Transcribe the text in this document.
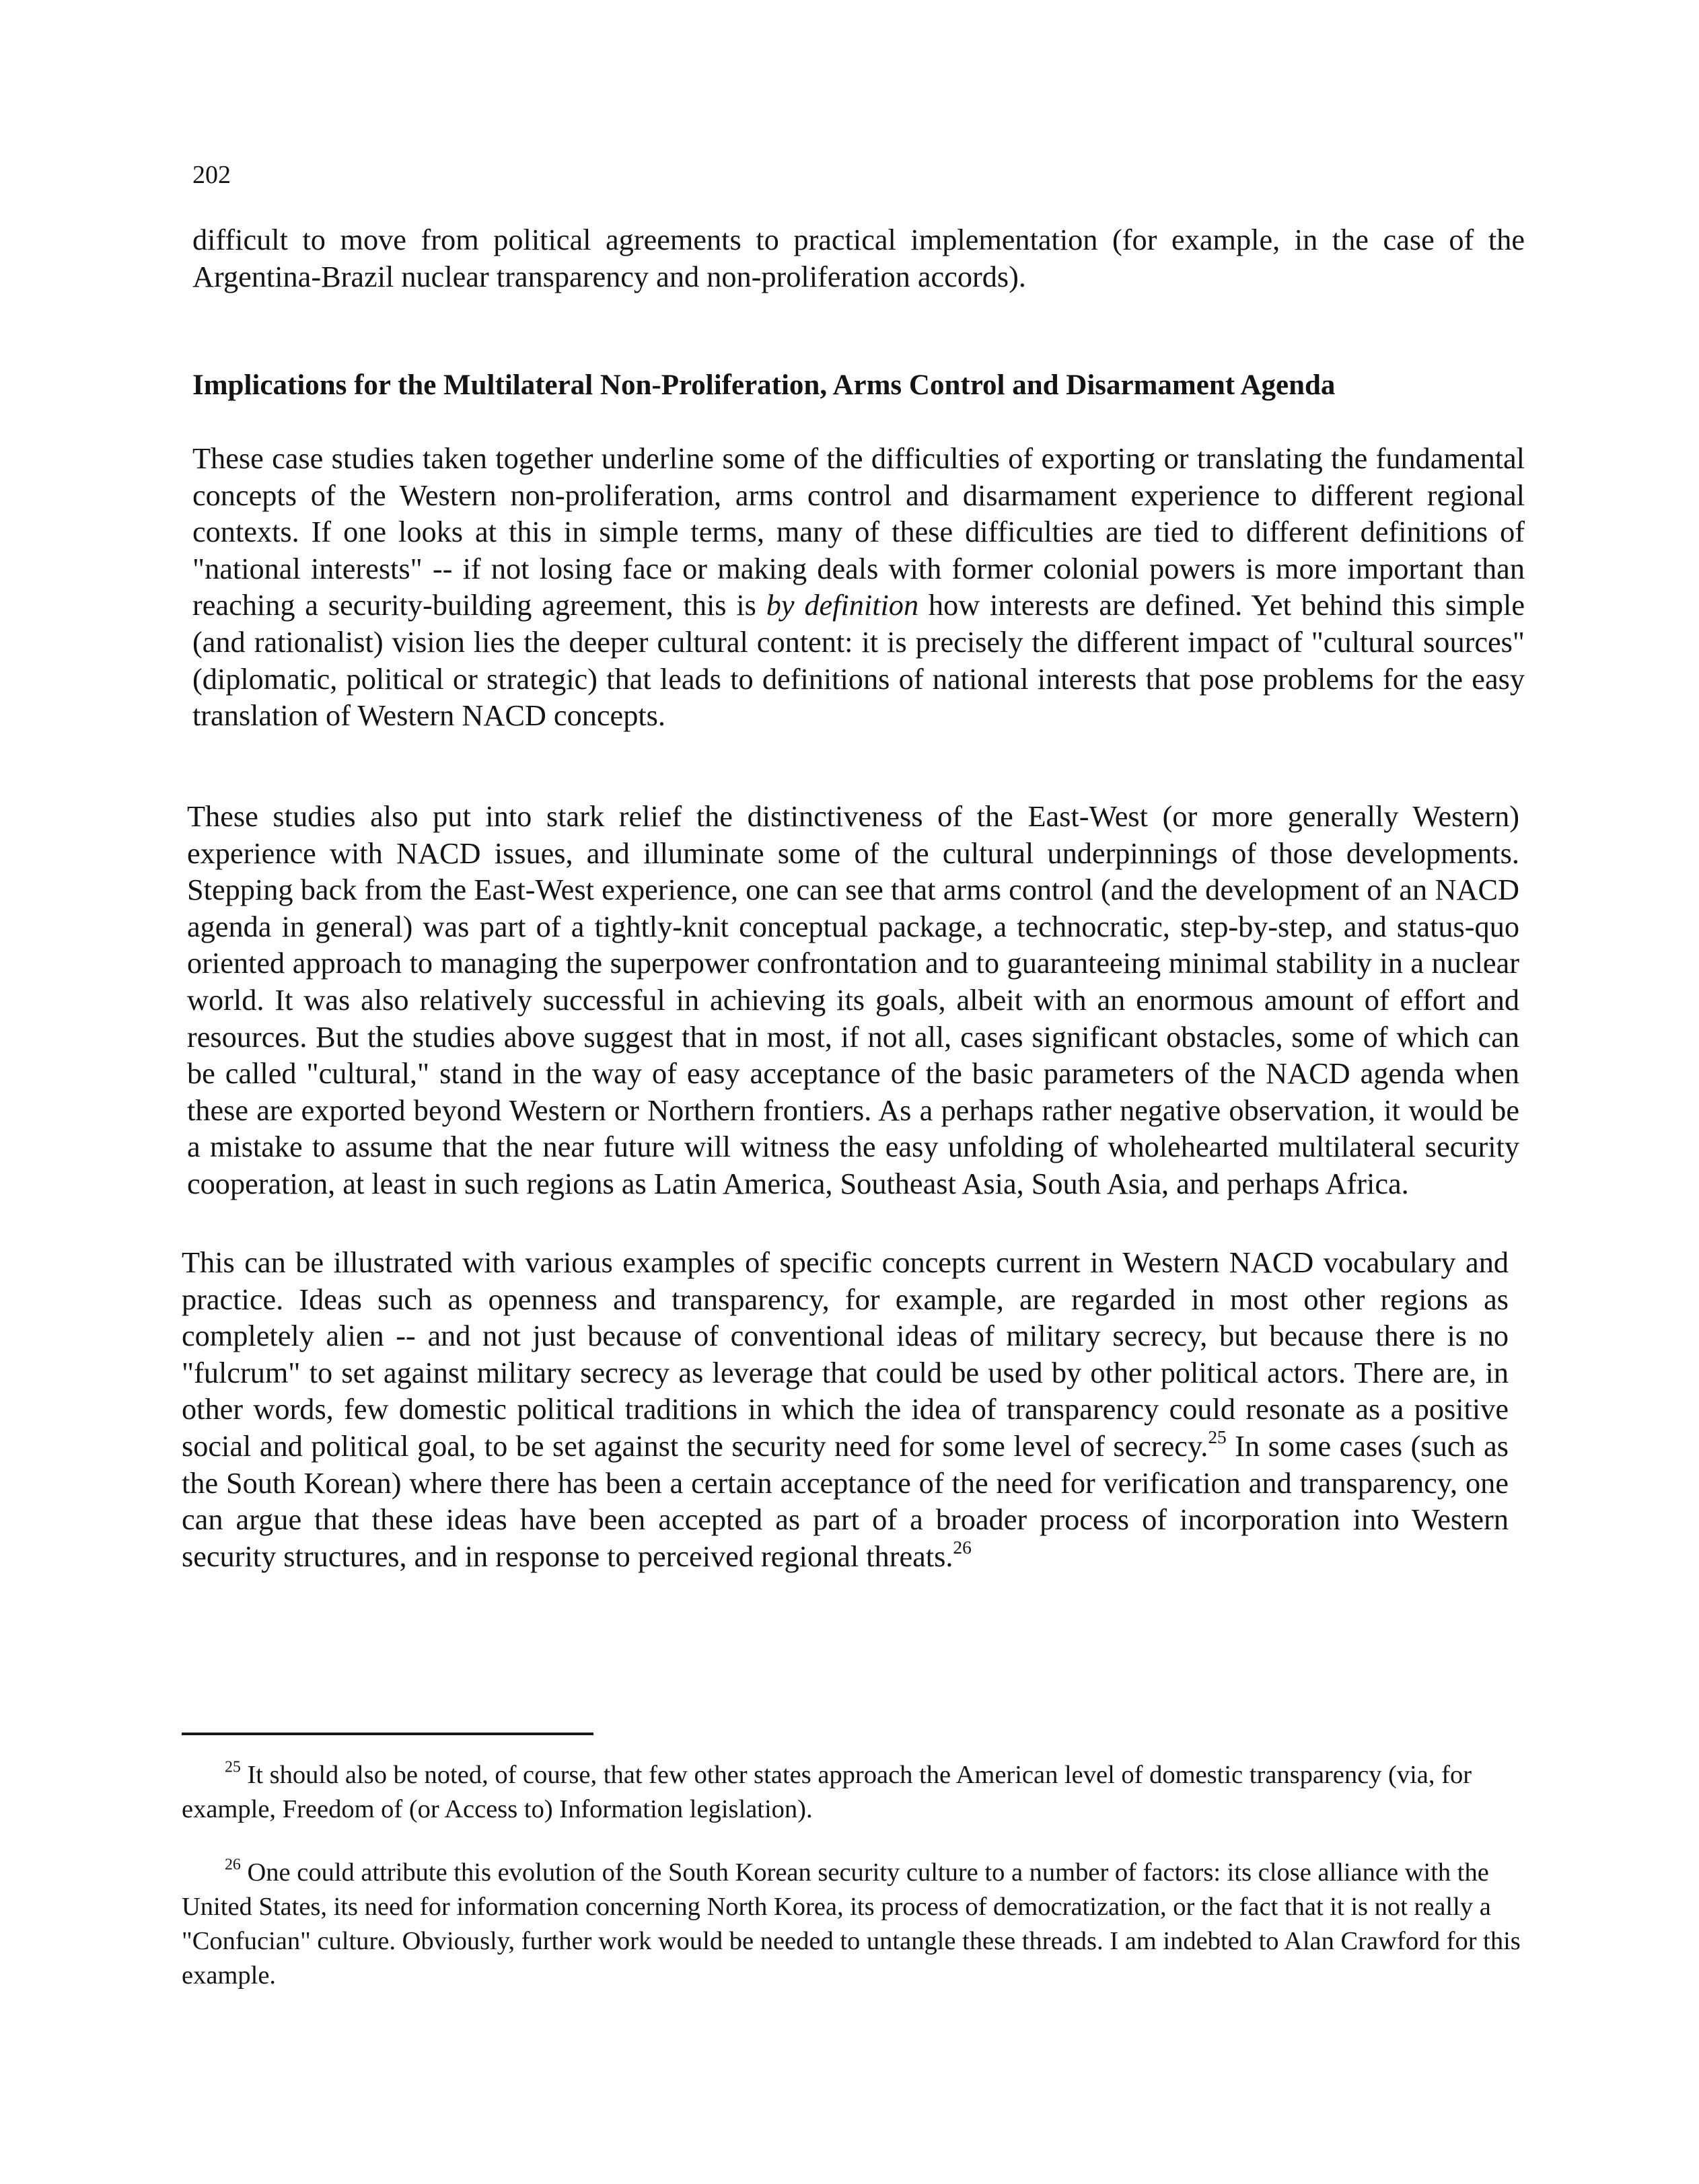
202

difficult to move from political agreements to practical implementation (for example, in the case of the Argentina-Brazil nuclear transparency and non-proliferation accords).

Implications for the Multilateral Non-Proliferation, Arms Control and Disarmament Agenda

These case studies taken together underline some of the difficulties of exporting or translating the fundamental concepts of the Western non-proliferation, arms control and disarmament experience to different regional contexts. If one looks at this in simple terms, many of these difficulties are tied to different definitions of "national interests" -- if not losing face or making deals with former colonial powers is more important than reaching a security-building agreement, this is by definition how interests are defined. Yet behind this simple (and rationalist) vision lies the deeper cultural content: it is precisely the different impact of "cultural sources" (diplomatic, political or strategic) that leads to definitions of national interests that pose problems for the easy translation of Western NACD concepts.

These studies also put into stark relief the distinctiveness of the East-West (or more generally Western) experience with NACD issues, and illuminate some of the cultural underpinnings of those developments. Stepping back from the East-West experience, one can see that arms control (and the development of an NACD agenda in general) was part of a tightly-knit conceptual package, a technocratic, step-by-step, and status-quo oriented approach to managing the superpower confrontation and to guaranteeing minimal stability in a nuclear world. It was also relatively successful in achieving its goals, albeit with an enormous amount of effort and resources. But the studies above suggest that in most, if not all, cases significant obstacles, some of which can be called "cultural," stand in the way of easy acceptance of the basic parameters of the NACD agenda when these are exported beyond Western or Northern frontiers. As a perhaps rather negative observation, it would be a mistake to assume that the near future will witness the easy unfolding of wholehearted multilateral security cooperation, at least in such regions as Latin America, Southeast Asia, South Asia, and perhaps Africa.

This can be illustrated with various examples of specific concepts current in Western NACD vocabulary and practice. Ideas such as openness and transparency, for example, are regarded in most other regions as completely alien -- and not just because of conventional ideas of military secrecy, but because there is no "fulcrum" to set against military secrecy as leverage that could be used by other political actors. There are, in other words, few domestic political traditions in which the idea of transparency could resonate as a positive social and political goal, to be set against the security need for some level of secrecy.$^{25}$ In some cases (such as the South Korean) where there has been a certain acceptance of the need for verification and transparency, one can argue that these ideas have been accepted as part of a broader process of incorporation into Western security structures, and in response to perceived regional threats.$^{26}$

$^{25}$ It should also be noted, of course, that few other states approach the American level of domestic transparency (via, for example, Freedom of (or Access to) Information legislation).

$^{26}$ One could attribute this evolution of the South Korean security culture to a number of factors: its close alliance with the United States, its need for information concerning North Korea, its process of democratization, or the fact that it is not really a "Confucian" culture. Obviously, further work would be needed to untangle these threads. I am indebted to Alan Crawford for this example.
